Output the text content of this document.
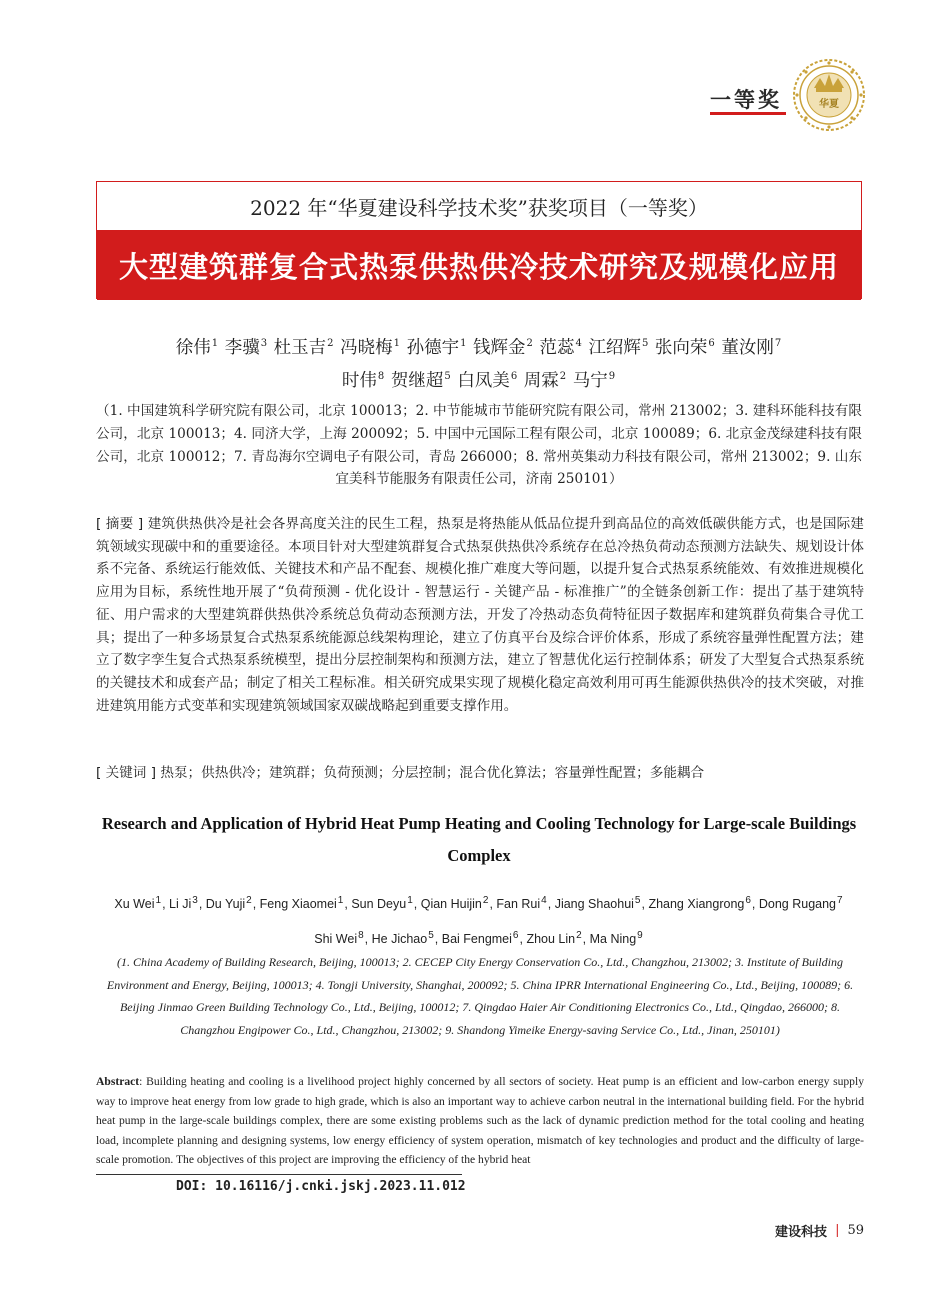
一等奖	华夏
2022 年“华夏建设科学技术奖”获奖项目（一等奖）
大型建筑群复合式热泵供热供冷技术研究及规模化应用
徐伟$^1$ 李骥$^3$ 杜玉吉$^2$ 冯晓梅$^1$ 孙德宇$^1$ 钱辉金$^2$ 范蕊$^4$ 江绍辉$^5$ 张向荣$^6$ 董汝刚$^7$
时伟$^8$ 贺继超$^5$ 白凤美$^6$ 周霖$^2$ 马宁$^9$
（1. 中国建筑科学研究院有限公司，北京 100013；2. 中节能城市节能研究院有限公司，常州 213002；3. 建科环能科技有限公司，北京 100013；4. 同济大学，上海 200092；5. 中国中元国际工程有限公司，北京 100089；6. 北京金茂绿建科技有限公司，北京 100012；7. 青岛海尔空调电子有限公司，青岛 266000；8. 常州英集动力科技有限公司，常州 213002；9. 山东宜美科节能服务有限责任公司，济南 250101）
[ 摘要 ] 建筑供热供冷是社会各界高度关注的民生工程，热泵是将热能从低品位提升到高品位的高效低碳供能方式，也是国际建筑领域实现碳中和的重要途径。本项目针对大型建筑群复合式热泵供热供冷系统存在总冷热负荷动态预测方法缺失、规划设计体系不完备、系统运行能效低、关键技术和产品不配套、规模化推广难度大等问题，以提升复合式热泵系统能效、有效推进规模化应用为目标，系统性地开展了“负荷预测 - 优化设计 - 智慧运行 - 关键产品 - 标准推广”的全链条创新工作：提出了基于建筑特征、用户需求的大型建筑群供热供冷系统总负荷动态预测方法，开发了冷热动态负荷特征因子数据库和建筑群负荷集合寻优工具；提出了一种多场景复合式热泵系统能源总线架构理论，建立了仿真平台及综合评价体系，形成了系统容量弹性配置方法；建立了数字孪生复合式热泵系统模型，提出分层控制架构和预测方法，建立了智慧优化运行控制体系；研发了大型复合式热泵系统的关键技术和成套产品；制定了相关工程标准。相关研究成果实现了规模化稳定高效利用可再生能源供热供冷的技术突破，对推进建筑用能方式变革和实现建筑领域国家双碳战略起到重要支撑作用。
[ 关键词 ] 热泵；供热供冷；建筑群；负荷预测；分层控制；混合优化算法；容量弹性配置；多能耦合
Research and Application of Hybrid Heat Pump Heating and Cooling Technology for Large-scale Buildings Complex
Xu Wei$^1$, Li Ji$^3$, Du Yuji$^2$, Feng Xiaomei$^1$, Sun Deyu$^1$, Qian Huijin$^2$, Fan Rui$^4$, Jiang Shaohui$^5$, Zhang Xiangrong$^6$, Dong Rugang$^7$
Shi Wei$^8$, He Jichao$^5$, Bai Fengmei$^6$, Zhou Lin$^2$, Ma Ning$^9$
(1. China Academy of Building Research, Beijing, 100013; 2. CECEP City Energy Conservation Co., Ltd., Changzhou, 213002; 3. Institute of Building Environment and Energy, Beijing, 100013; 4. Tongji University, Shanghai, 200092; 5. China IPRR International Engineering Co., Ltd., Beijing, 100089; 6. Beijing Jinmao Green Building Technology Co., Ltd., Beijing, 100012; 7. Qingdao Haier Air Conditioning Electronics Co., Ltd., Qingdao, 266000; 8. Changzhou Engipower Co., Ltd., Changzhou, 213002; 9. Shandong Yimeike Energy-saving Service Co., Ltd., Jinan, 250101)
Abstract: Building heating and cooling is a livelihood project highly concerned by all sectors of society. Heat pump is an efficient and low-carbon energy supply way to improve heat energy from low grade to high grade, which is also an important way to achieve carbon neutral in the international building field. For the hybrid heat pump in the large-scale buildings complex, there are some existing problems such as the lack of dynamic prediction method for the total cooling and heating load, incomplete planning and designing systems, low energy efficiency of system operation, mismatch of key technologies and product and the difficulty of large-scale promotion. The objectives of this project are improving the efficiency of the hybrid heat
DOI: 10.16116/j.cnki.jskj.2023.11.012
建设科技 | 59
